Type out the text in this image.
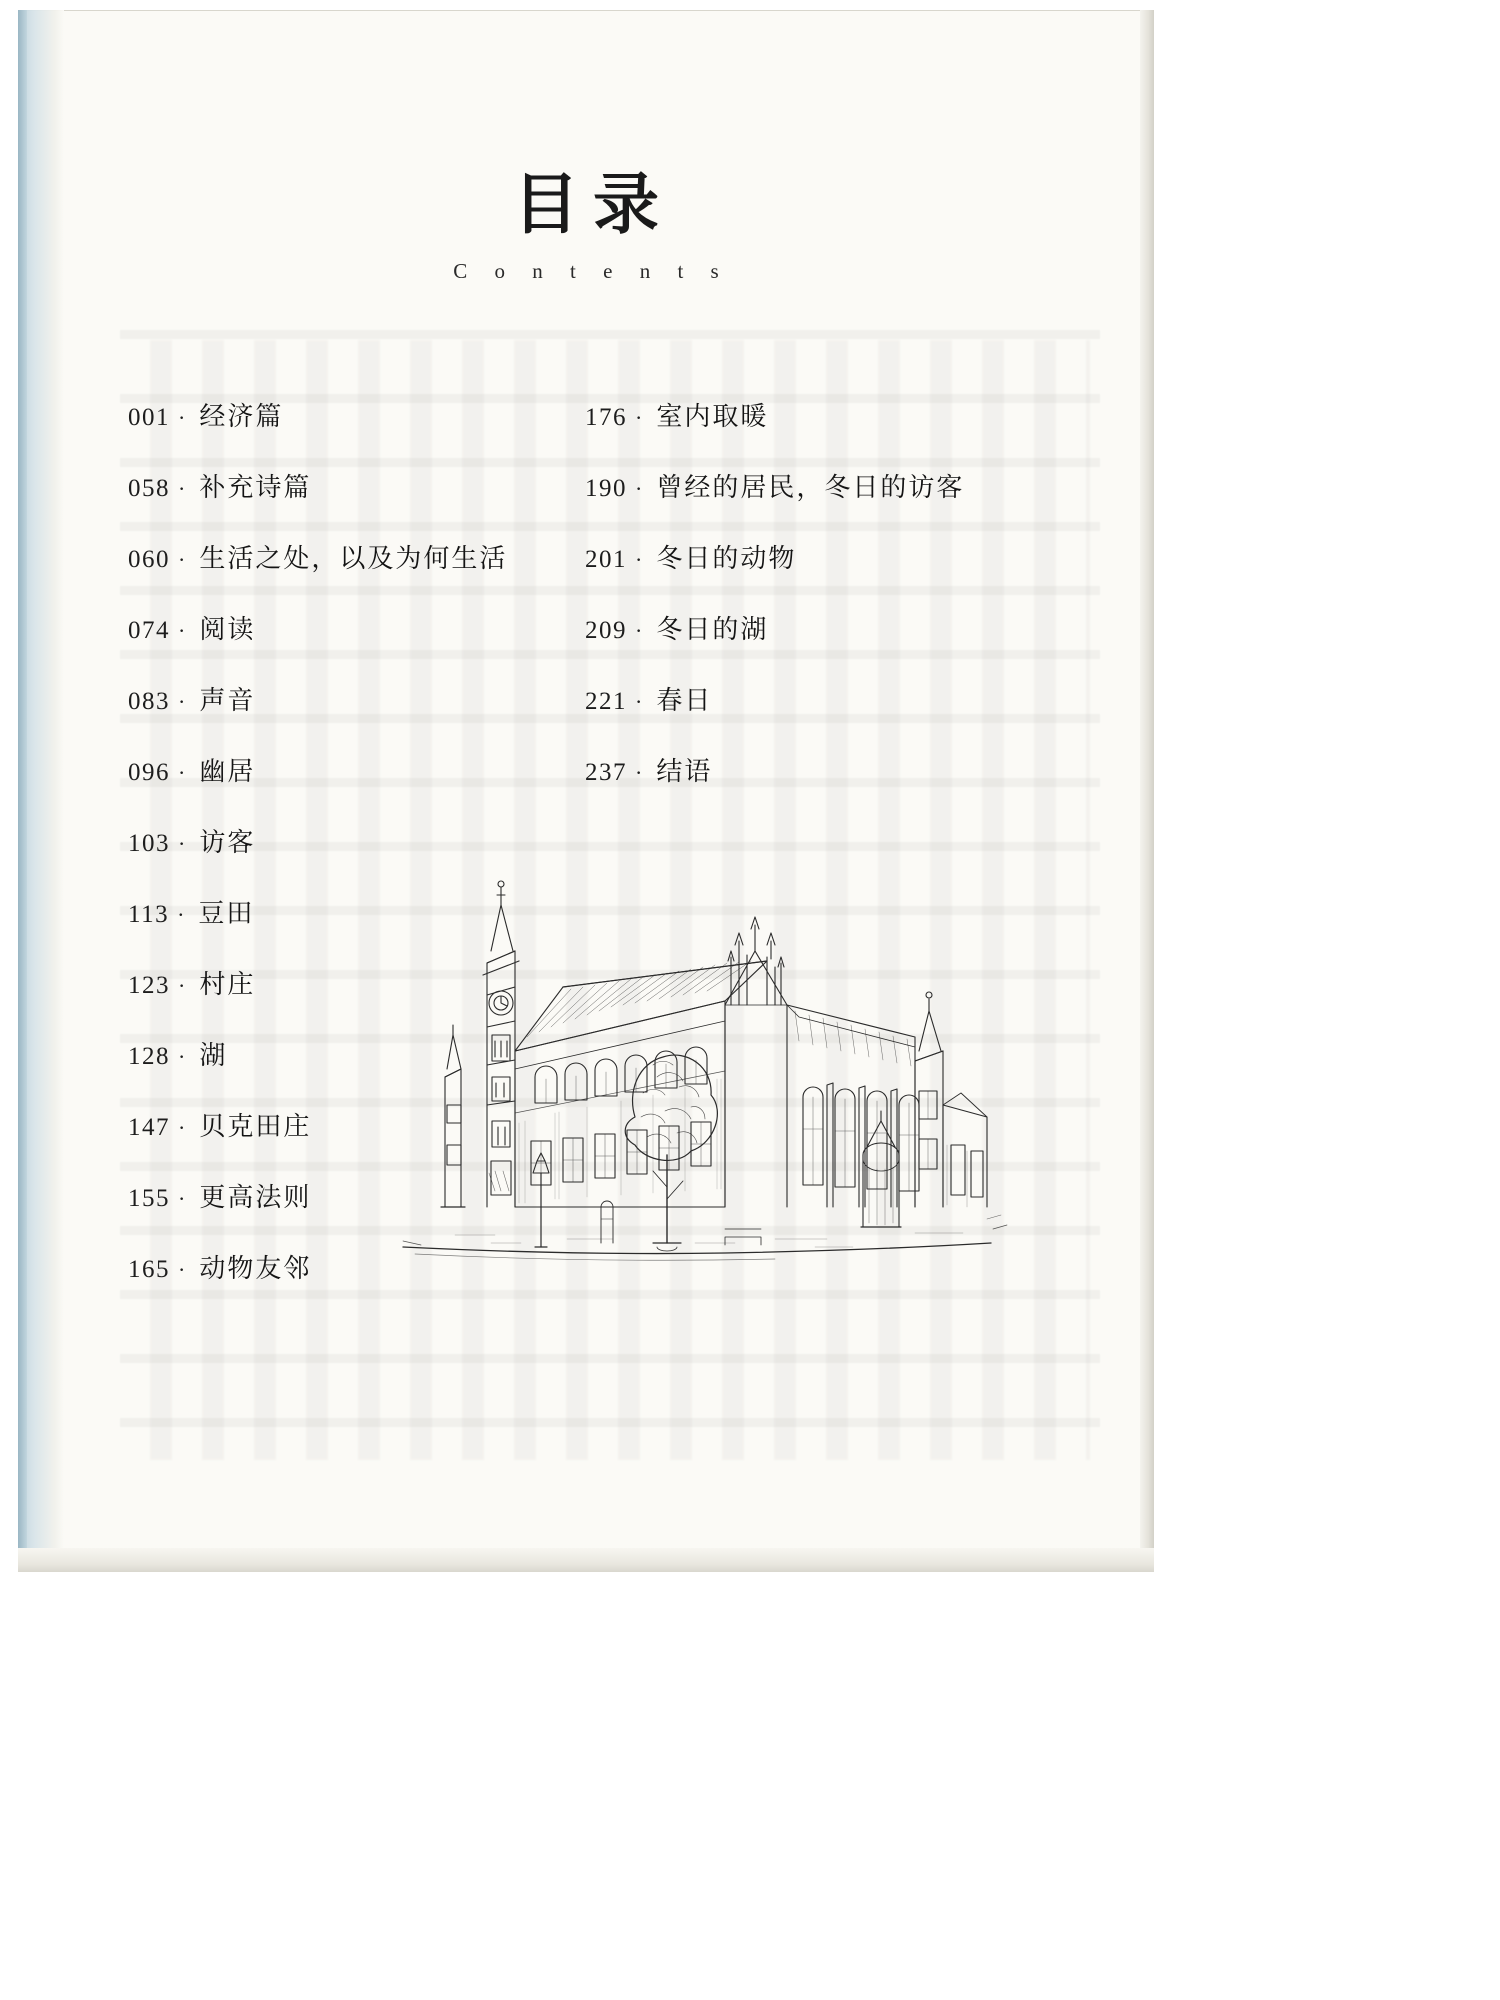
目录
C o n t e n t s
001 · 经济篇
058 · 补充诗篇
060 · 生活之处，以及为何生活
074 · 阅读
083 · 声音
096 · 幽居
103 · 访客
113 · 豆田
123 · 村庄
128 · 湖
147 · 贝克田庄
155 · 更高法则
165 · 动物友邻
176 · 室内取暖
190 · 曾经的居民，冬日的访客
201 · 冬日的动物
209 · 冬日的湖
221 · 春日
237 · 结语
